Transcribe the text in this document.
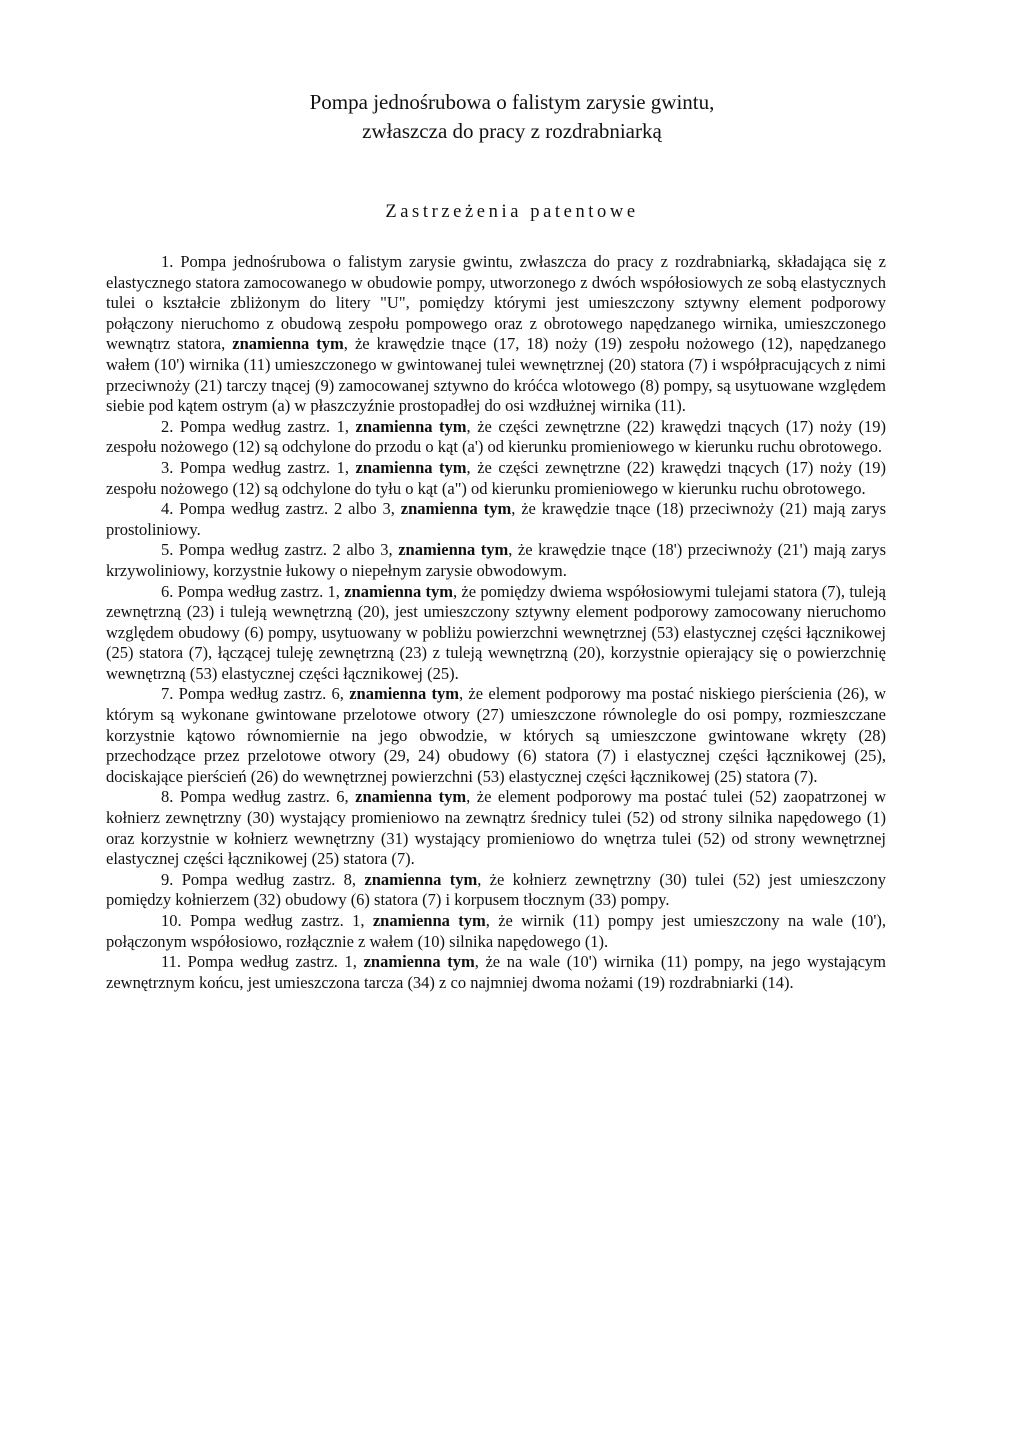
Pompa jednośrubowa o falistym zarysie gwintu,
zwłaszcza do pracy z rozdrabniarką
Zastrzeżenia patentowe

1. Pompa jednośrubowa o falistym zarysie gwintu, zwłaszcza do pracy z rozdrabniarką, składająca się z elastycznego statora zamocowanego w obudowie pompy, utworzonego z dwóch współosiowych ze sobą elastycznych tulei o kształcie zbliżonym do litery "U", pomiędzy którymi jest umieszczony sztywny element podporowy połączony nieruchomo z obudową zespołu pompowego oraz z obrotowego napędzanego wirnika, umieszczonego wewnątrz statora, znamienna tym, że krawędzie tnące (17, 18) noży (19) zespołu nożowego (12), napędzanego wałem (10') wirnika (11) umieszczonego w gwintowanej tulei wewnętrznej (20) statora (7) i współpracujących z nimi przeciwnoży (21) tarczy tnącej (9) zamocowanej sztywno do króćca wlotowego (8) pompy, są usytuowane względem siebie pod kątem ostrym (a) w płaszczyźnie prostopadłej do osi wzdłużnej wirnika (11).

2. Pompa według zastrz. 1, znamienna tym, że części zewnętrzne (22) krawędzi tnących (17) noży (19) zespołu nożowego (12) są odchylone do przodu o kąt (a') od kierunku promieniowego w kierunku ruchu obrotowego.

3. Pompa według zastrz. 1, znamienna tym, że części zewnętrzne (22) krawędzi tnących (17) noży (19) zespołu nożowego (12) są odchylone do tyłu o kąt (a") od kierunku promieniowego w kierunku ruchu obrotowego.

4. Pompa według zastrz. 2 albo 3, znamienna tym, że krawędzie tnące (18) przeciwnoży (21) mają zarys prostoliniowy.

5. Pompa według zastrz. 2 albo 3, znamienna tym, że krawędzie tnące (18') przeciwnoży (21') mają zarys krzywoliniowy, korzystnie łukowy o niepełnym zarysie obwodowym.

6. Pompa według zastrz. 1, znamienna tym, że pomiędzy dwiema współosiowymi tulejami statora (7), tuleją zewnętrzną (23) i tuleją wewnętrzną (20), jest umieszczony sztywny element podporowy zamocowany nieruchomo względem obudowy (6) pompy, usytuowany w pobliżu powierzchni wewnętrznej (53) elastycznej części łącznikowej (25) statora (7), łączącej tuleję zewnętrzną (23) z tuleją wewnętrzną (20), korzystnie opierający się o powierzchnię wewnętrzną (53) elastycznej części łącznikowej (25).

7. Pompa według zastrz. 6, znamienna tym, że element podporowy ma postać niskiego pierścienia (26), w którym są wykonane gwintowane przelotowe otwory (27) umieszczone równolegle do osi pompy, rozmieszczane korzystnie kątowo równomiernie na jego obwodzie, w których są umieszczone gwintowane wkręty (28) przechodzące przez przelotowe otwory (29, 24) obudowy (6) statora (7) i elastycznej części łącznikowej (25), dociskające pierścień (26) do wewnętrznej powierzchni (53) elastycznej części łącznikowej (25) statora (7).

8. Pompa według zastrz. 6, znamienna tym, że element podporowy ma postać tulei (52) zaopatrzonej w kołnierz zewnętrzny (30) wystający promieniowo na zewnątrz średnicy tulei (52) od strony silnika napędowego (1) oraz korzystnie w kołnierz wewnętrzny (31) wystający promieniowo do wnętrza tulei (52) od strony wewnętrznej elastycznej części łącznikowej (25) statora (7).

9. Pompa według zastrz. 8, znamienna tym, że kołnierz zewnętrzny (30) tulei (52) jest umieszczony pomiędzy kołnierzem (32) obudowy (6) statora (7) i korpusem tłocznym (33) pompy.

10. Pompa według zastrz. 1, znamienna tym, że wirnik (11) pompy jest umieszczony na wale (10'), połączonym współosiowo, rozłącznie z wałem (10) silnika napędowego (1).

11. Pompa według zastrz. 1, znamienna tym, że na wale (10') wirnika (11) pompy, na jego wystającym zewnętrznym końcu, jest umieszczona tarcza (34) z co najmniej dwoma nożami (19) rozdrabniarki (14).
